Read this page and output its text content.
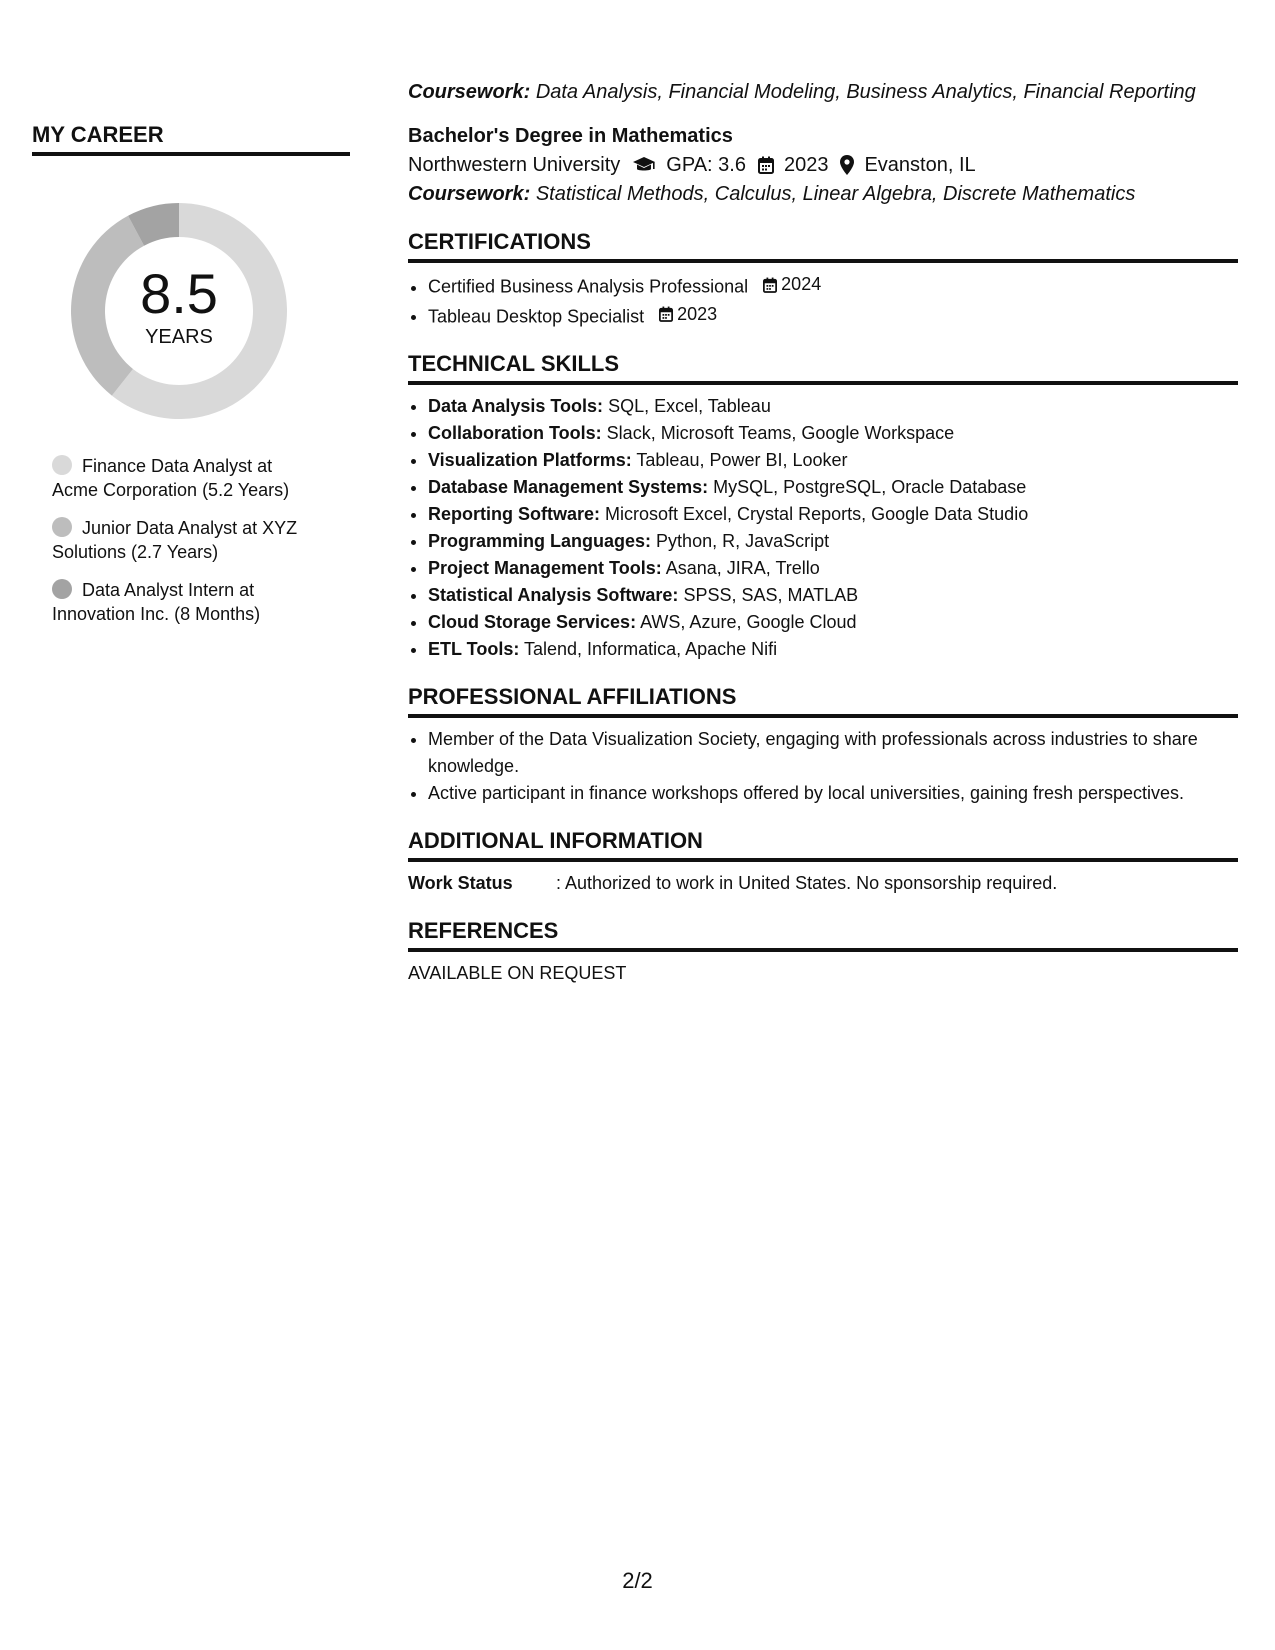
MY CAREER
8.5
YEARS
Finance Data Analyst at Acme Corporation (5.2 Years)
Junior Data Analyst at XYZ Solutions (2.7 Years)
Data Analyst Intern at Innovation Inc. (8 Months)

Coursework: Data Analysis, Financial Modeling, Business Analytics, Financial Reporting

Bachelor's Degree in Mathematics

Northwestern University GPA: 3.6 2023 Evanston, IL

Coursework: Statistical Methods, Calculus, Linear Algebra, Discrete Mathematics

CERTIFICATIONS
• Certified Business Analysis Professional 2024
• Tableau Desktop Specialist 2023
TECHNICAL SKILLS
• Data Analysis Tools: SQL, Excel, Tableau
• Collaboration Tools: Slack, Microsoft Teams, Google Workspace
• Visualization Platforms: Tableau, Power BI, Looker
• Database Management Systems: MySQL, PostgreSQL, Oracle Database
• Reporting Software: Microsoft Excel, Crystal Reports, Google Data Studio
• Programming Languages: Python, R, JavaScript
• Project Management Tools: Asana, JIRA, Trello
• Statistical Analysis Software: SPSS, SAS, MATLAB
• Cloud Storage Services: AWS, Azure, Google Cloud
• ETL Tools: Talend, Informatica, Apache Nifi
PROFESSIONAL AFFILIATIONS
• Member of the Data Visualization Society, engaging with professionals across industries to share knowledge.
• Active participant in finance workshops offered by local universities, gaining fresh perspectives.
ADDITIONAL INFORMATION
Work Status	: Authorized to work in United States. No sponsorship required.
REFERENCES
AVAILABLE ON REQUEST
2/2
